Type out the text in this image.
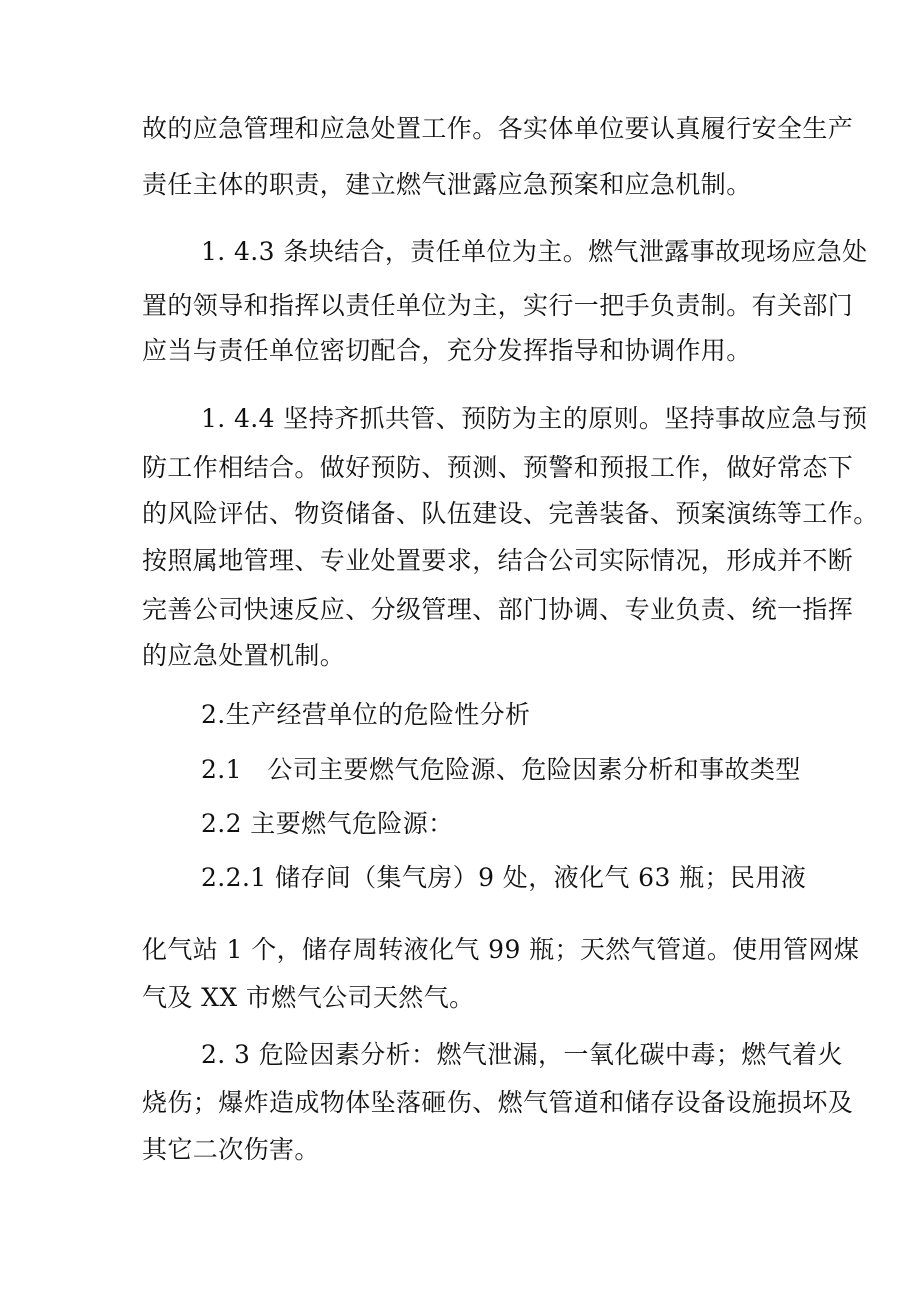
故的应急管理和应急处置工作。各实体单位要认真履行安全生产
责任主体的职责，建立燃气泄露应急预案和应急机制。
1. 4.3 条块结合，责任单位为主。燃气泄露事故现场应急处
置的领导和指挥以责任单位为主，实行一把手负责制。有关部门
应当与责任单位密切配合，充分发挥指导和协调作用。
1. 4.4 坚持齐抓共管、预防为主的原则。坚持事故应急与预
防工作相结合。做好预防、预测、预警和预报工作，做好常态下
的风险评估、物资储备、队伍建设、完善装备、预案演练等工作。
按照属地管理、专业处置要求，结合公司实际情况，形成并不断
完善公司快速反应、分级管理、部门协调、专业负责、统一指挥
的应急处置机制。
2.生产经营单位的危险性分析
2.1　公司主要燃气危险源、危险因素分析和事故类型
2.2 主要燃气危险源：
2.2.1 储存间（集气房）9 处，液化气 63 瓶；民用液
化气站 1 个，储存周转液化气 99 瓶；天然气管道。使用管网煤
气及 XX 市燃气公司天然气。
2. 3 危险因素分析：燃气泄漏，一氧化碳中毒；燃气着火
烧伤；爆炸造成物体坠落砸伤、燃气管道和储存设备设施损坏及
其它二次伤害。
